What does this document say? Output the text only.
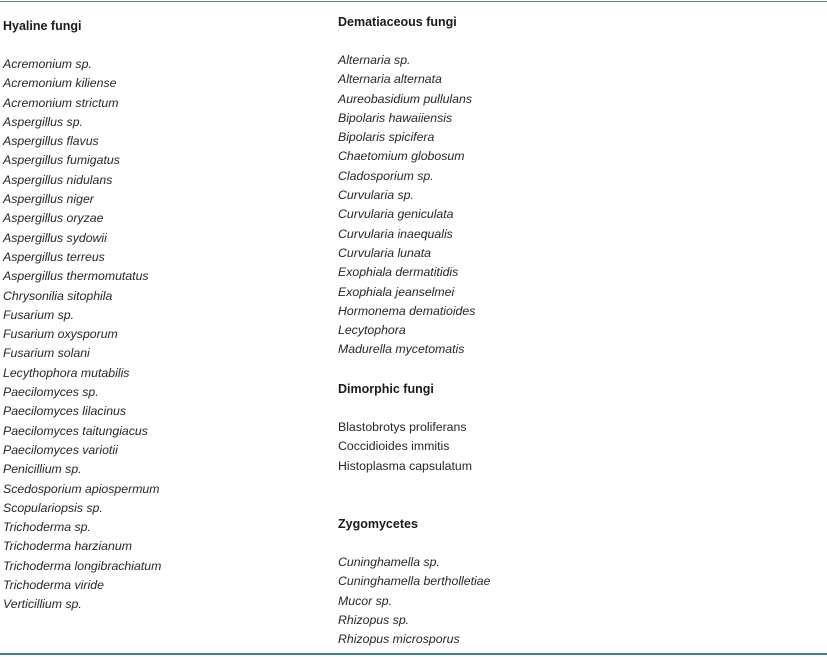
Hyaline fungi
Acremonium sp.
Acremonium kiliense
Acremonium strictum
Aspergillus sp.
Aspergillus flavus
Aspergillus fumigatus
Aspergillus nidulans
Aspergillus niger
Aspergillus oryzae
Aspergillus sydowii
Aspergillus terreus
Aspergillus thermomutatus
Chrysonilia sitophila
Fusarium sp.
Fusarium oxysporum
Fusarium solani
Lecythophora mutabilis
Paecilomyces sp.
Paecilomyces lilacinus
Paecilomyces taitungiacus
Paecilomyces variotii
Penicillium sp.
Scedosporium apiospermum
Scopulariopsis sp.
Trichoderma sp.
Trichoderma harzianum
Trichoderma longibrachiatum
Trichoderma viride
Verticillium sp.
Dematiaceous fungi
Alternaria sp.
Alternaria alternata
Aureobasidium pullulans
Bipolaris hawaiiensis
Bipolaris spicifera
Chaetomium globosum
Cladosporium sp.
Curvularia sp.
Curvularia geniculata
Curvularia inaequalis
Curvularia lunata
Exophiala dermatitidis
Exophiala jeanselmei
Hormonema dematioides
Lecytophora
Madurella mycetomatis
Dimorphic fungi
Blastobrotys proliferans
Coccidioides immitis
Histoplasma capsulatum
Zygomycetes
Cuninghamella sp.
Cuninghamella bertholletiae
Mucor sp.
Rhizopus sp.
Rhizopus microsporus
